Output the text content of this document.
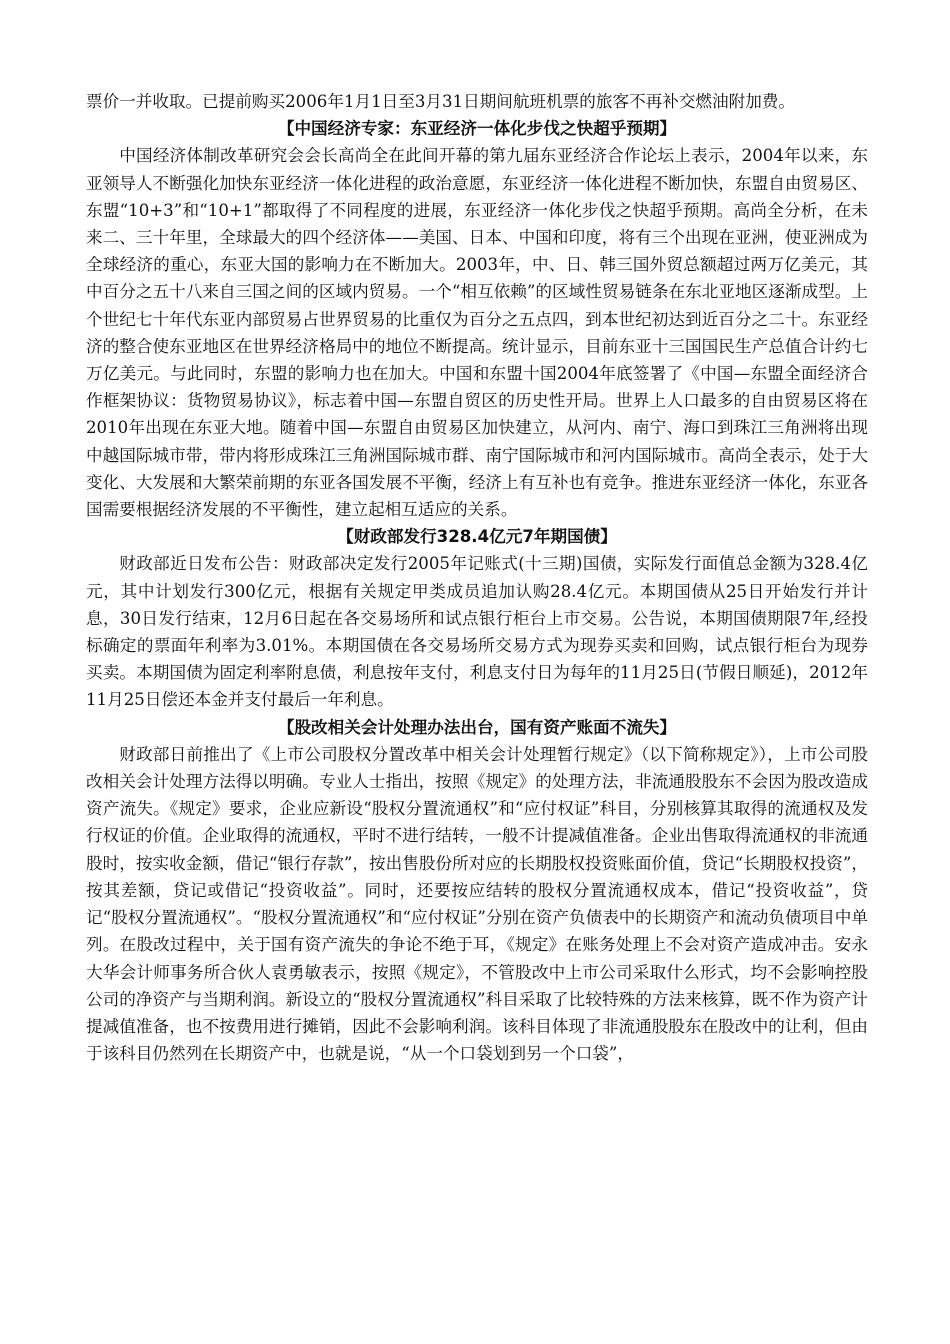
票价一并收取。已提前购买2006年1月1日至3月31日期间航班机票的旅客不再补交燃油附加费。

【中国经济专家：东亚经济一体化步伐之快超乎预期】

中国经济体制改革研究会会长高尚全在此间开幕的第九届东亚经济合作论坛上表示，2004年以来，东亚领导人不断强化加快东亚经济一体化进程的政治意愿，东亚经济一体化进程不断加快，东盟自由贸易区、东盟“10+3”和“10+1”都取得了不同程度的进展，东亚经济一体化步伐之快超乎预期。高尚全分析，在未来二、三十年里，全球最大的四个经济体——美国、日本、中国和印度，将有三个出现在亚洲，使亚洲成为全球经济的重心，东亚大国的影响力在不断加大。2003年，中、日、韩三国外贸总额超过两万亿美元，其中百分之五十八来自三国之间的区域内贸易。一个“相互依赖”的区域性贸易链条在东北亚地区逐渐成型。上个世纪七十年代东亚内部贸易占世界贸易的比重仅为百分之五点四，到本世纪初达到近百分之二十。东亚经济的整合使东亚地区在世界经济格局中的地位不断提高。统计显示，目前东亚十三国国民生产总值合计约七万亿美元。与此同时，东盟的影响力也在加大。中国和东盟十国2004年底签署了《中国—东盟全面经济合作框架协议：货物贸易协议》，标志着中国—东盟自贸区的历史性开局。世界上人口最多的自由贸易区将在2010年出现在东亚大地。随着中国—东盟自由贸易区加快建立，从河内、南宁、海口到珠江三角洲将出现中越国际城市带，带内将形成珠江三角洲国际城市群、南宁国际城市和河内国际城市。高尚全表示，处于大变化、大发展和大繁荣前期的东亚各国发展不平衡，经济上有互补也有竞争。推进东亚经济一体化，东亚各国需要根据经济发展的不平衡性，建立起相互适应的关系。

【财政部发行328.4亿元7年期国债】

财政部近日发布公告：财政部决定发行2005年记账式(十三期)国债，实际发行面值总金额为328.4亿元，其中计划发行300亿元，根据有关规定甲类成员追加认购28.4亿元。本期国债从25日开始发行并计息，30日发行结束，12月6日起在各交易场所和试点银行柜台上市交易。公告说，本期国债期限7年,经投标确定的票面年利率为3.01%。本期国债在各交易场所交易方式为现券买卖和回购，试点银行柜台为现券买卖。本期国债为固定利率附息债，利息按年支付，利息支付日为每年的11月25日(节假日顺延)，2012年11月25日偿还本金并支付最后一年利息。

【股改相关会计处理办法出台，国有资产账面不流失】

财政部日前推出了《上市公司股权分置改革中相关会计处理暂行规定》（以下简称规定》），上市公司股改相关会计处理方法得以明确。专业人士指出，按照《规定》的处理方法，非流通股股东不会因为股改造成资产流失。《规定》要求，企业应新设“股权分置流通权”和“应付权证”科目，分别核算其取得的流通权及发行权证的价值。企业取得的流通权，平时不进行结转，一般不计提减值准备。企业出售取得流通权的非流通股时，按实收金额，借记“银行存款”，按出售股份所对应的长期股权投资账面价值，贷记“长期股权投资”，按其差额，贷记或借记“投资收益”。同时，还要按应结转的股权分置流通权成本，借记“投资收益”，贷记“股权分置流通权”。“股权分置流通权”和“应付权证”分别在资产负债表中的长期资产和流动负债项目中单列。在股改过程中，关于国有资产流失的争论不绝于耳，《规定》在账务处理上不会对资产造成冲击。安永大华会计师事务所合伙人袁勇敏表示，按照《规定》，不管股改中上市公司采取什么形式，均不会影响控股公司的净资产与当期利润。新设立的“股权分置流通权”科目采取了比较特殊的方法来核算，既不作为资产计提减值准备，也不按费用进行摊销，因此不会影响利润。该科目体现了非流通股股东在股改中的让利，但由于该科目仍然列在长期资产中，也就是说，“从一个口袋划到另一个口袋”，
